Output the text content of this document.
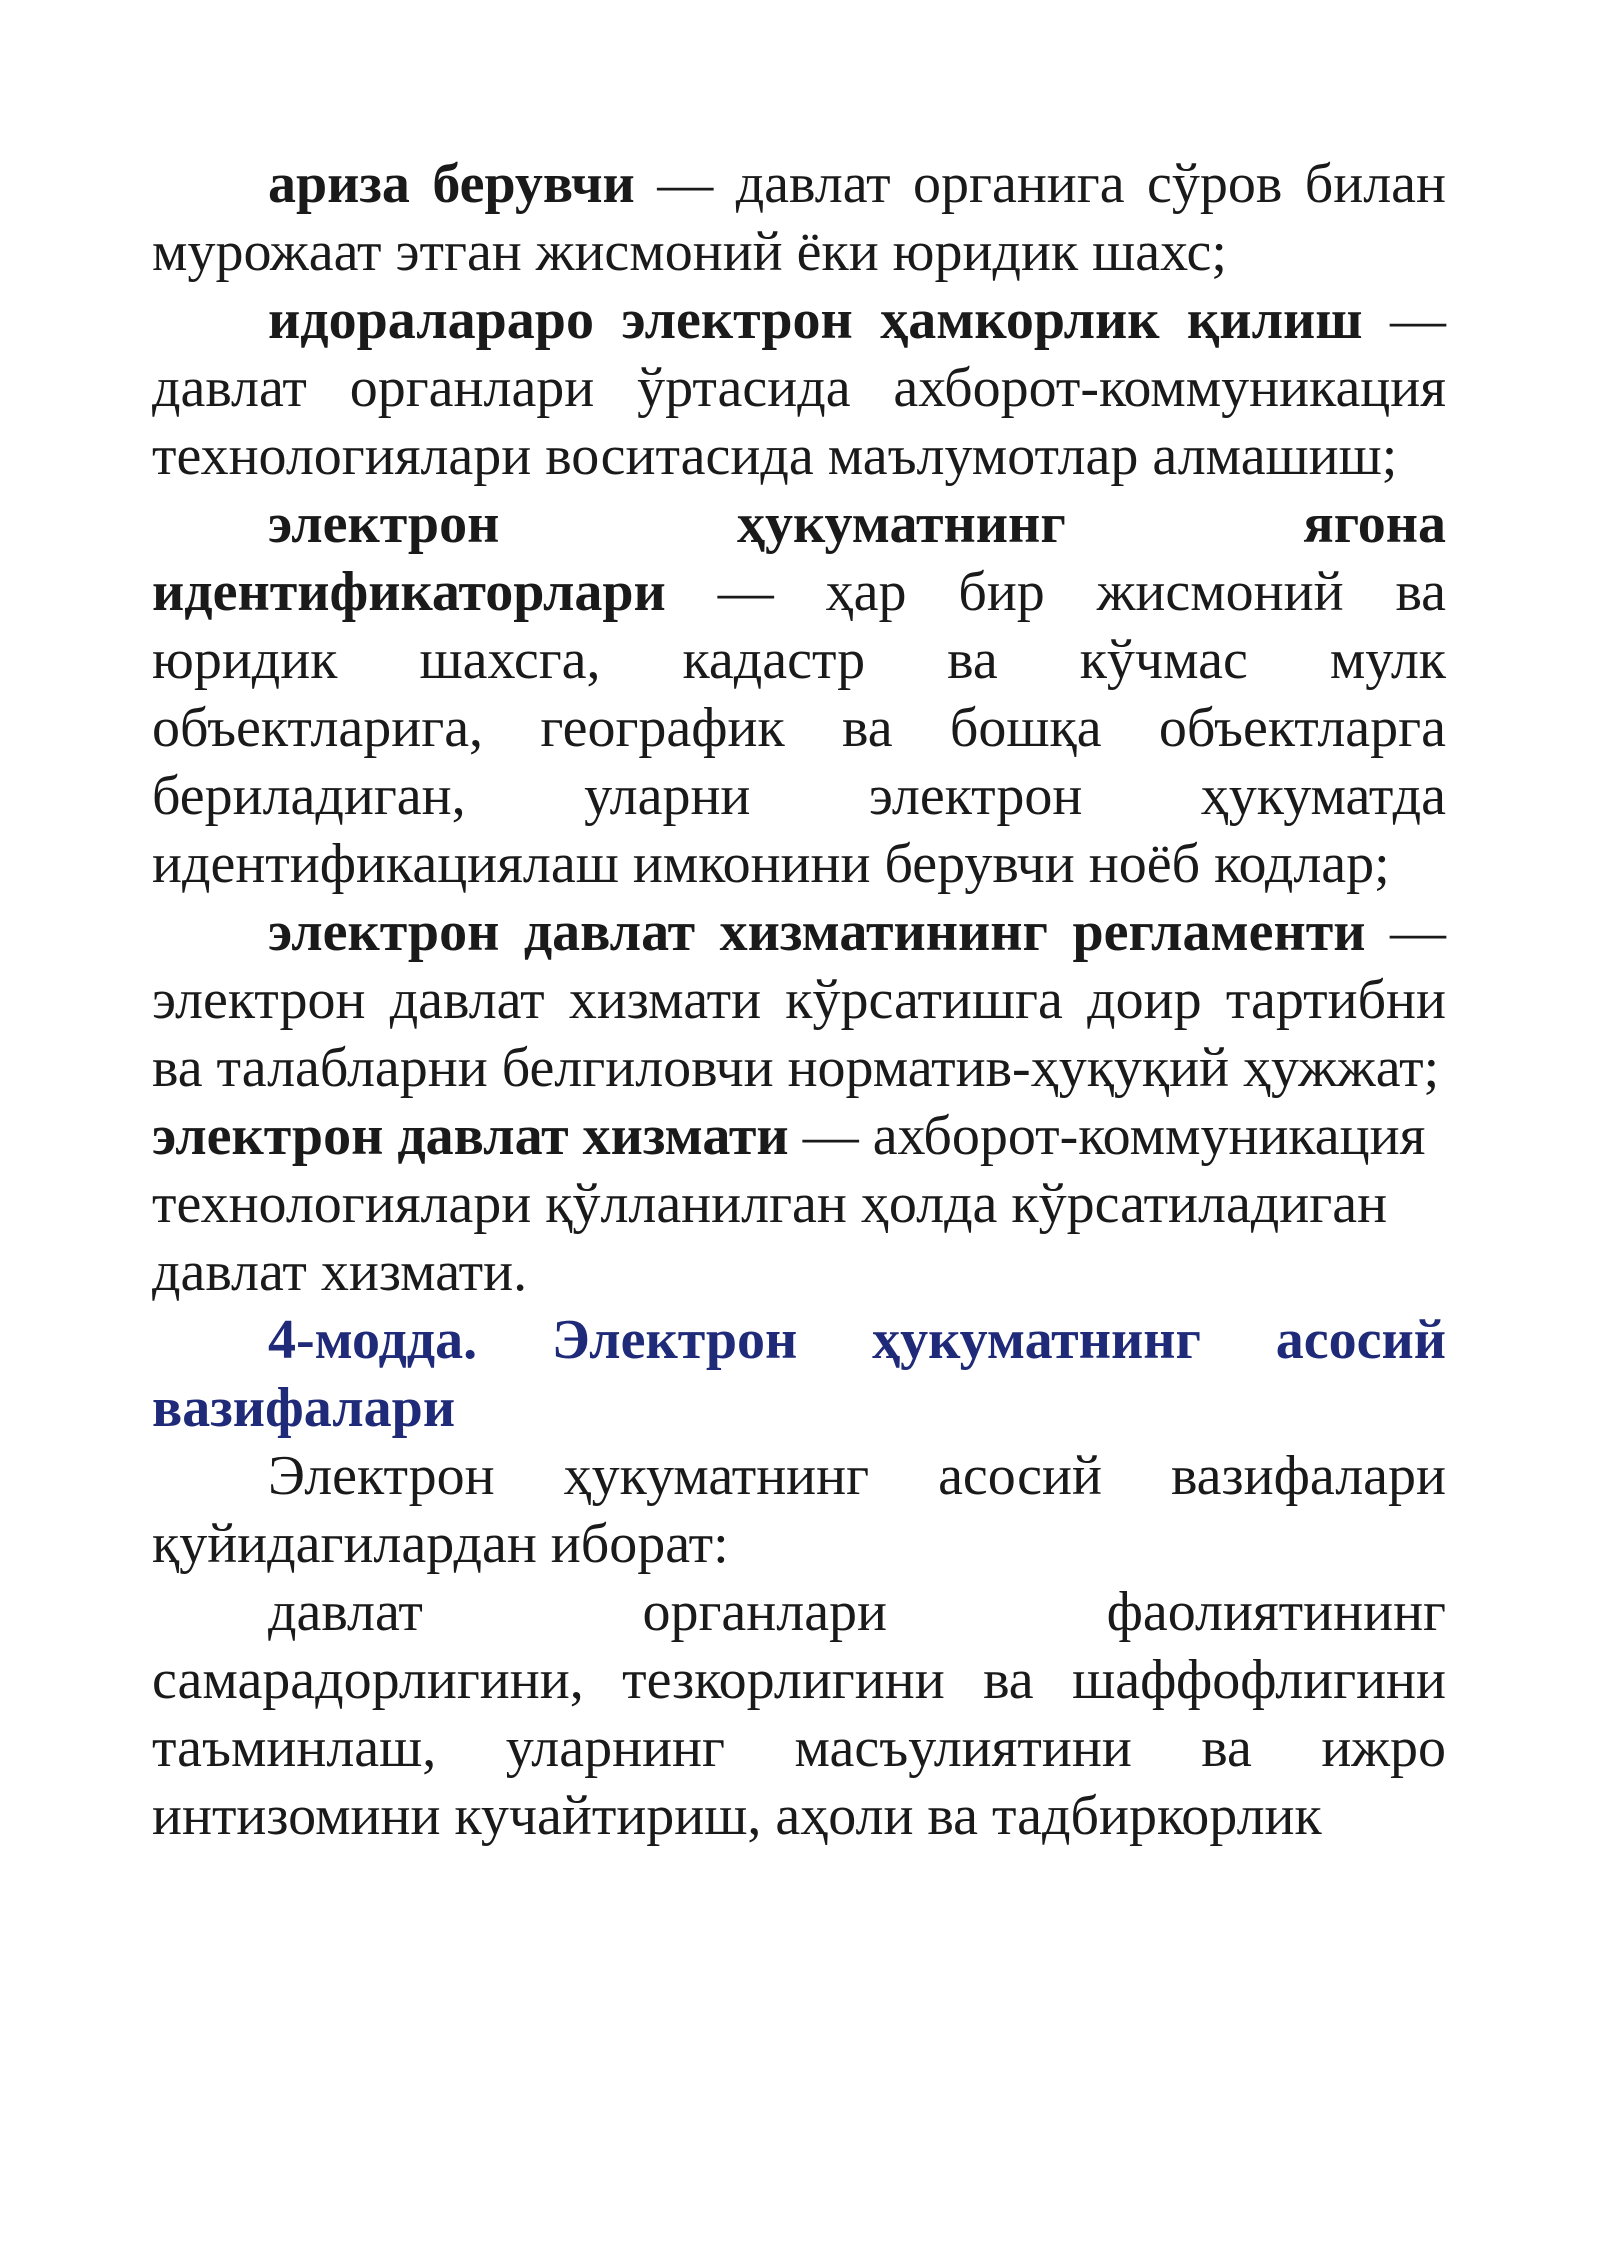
ариза берувчи — давлат органига сўров билан мурожаат этган жисмоний ёки юридик шахс;

идоралараро электрон ҳамкорлик қилиш — давлат органлари ўртасида ахборот-коммуникация технологиялари воситасида маълумотлар алмашиш;

электрон ҳукуматнинг ягона идентификаторлари — ҳар бир жисмоний ва юридик шахсга, кадастр ва кўчмас мулк объектларига, географик ва бошқа объектларга бериладиган, уларни электрон ҳукуматда идентификациялаш имконини берувчи ноёб кодлар;

электрон давлат хизматининг регламенти — электрон давлат хизмати кўрсатишга доир тартибни ва талабларни белгиловчи норматив-ҳуқуқий ҳужжат;

электрон давлат хизмати — ахборот-коммуникация технологиялари қўлланилган ҳолда кўрсатиладиган давлат хизмати.

4-модда. Электрон ҳукуматнинг асосий вазифалари

Электрон ҳукуматнинг асосий вазифалари қуйидагилардан иборат:

давлат органлари фаолиятининг самарадорлигини, тезкорлигини ва шаффофлигини таъминлаш, уларнинг масъулиятини ва ижро интизомини кучайтириш, аҳоли ва тадбиркорлик
